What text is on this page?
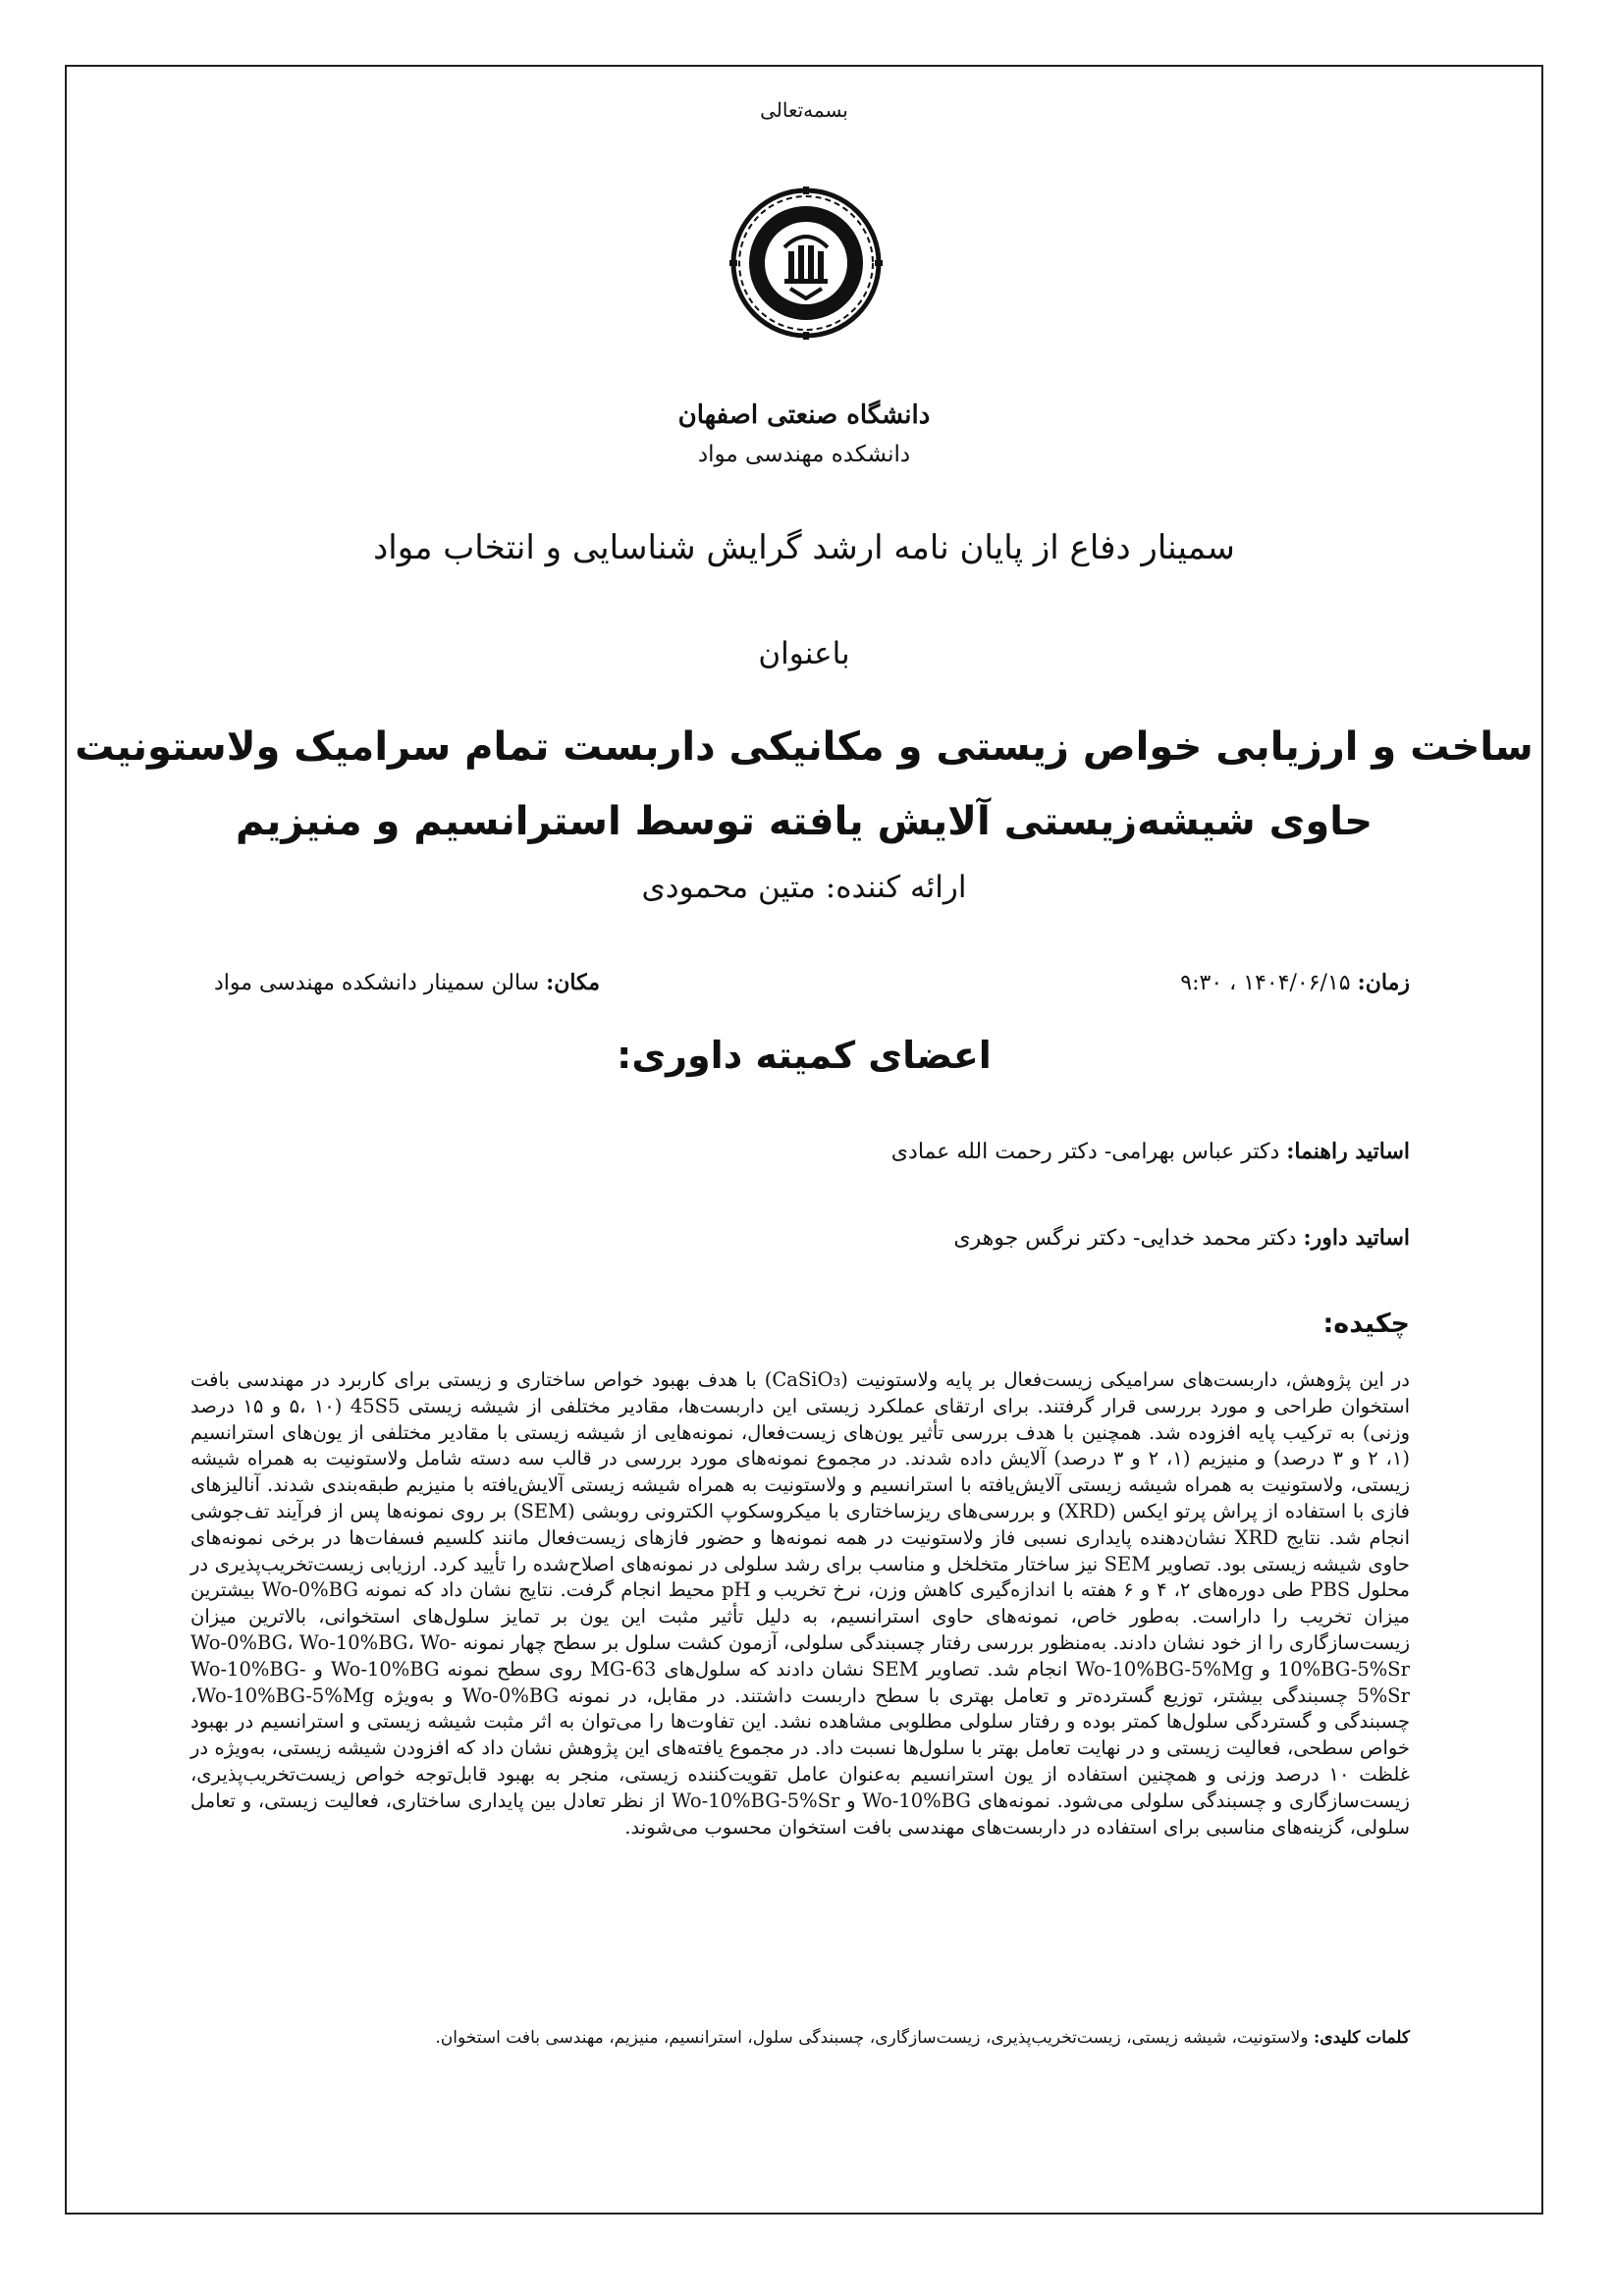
بسمه‌تعالی
دانشگاه صنعتی اصفهان
دانشکده مهندسی مواد
سمینار دفاع از پایان نامه ارشد گرایش شناسایی و انتخاب مواد
باعنوان
ساخت و ارزیابی خواص زیستی و مکانیکی داربست تمام سرامیک ولاستونیت
حاوی شیشه‌زیستی آلایش یافته توسط استرانسیم و منیزیم
ارائه کننده: متین محمودی
زمان: ۱۴۰۴/۰۶/۱۵ ، ۹:۳۰
مکان: سالن سمینار دانشکده مهندسی مواد
اعضای کمیته داوری:
اساتید راهنما: دکتر عباس بهرامی- دکتر رحمت الله عمادی
اساتید داور: دکتر محمد خدایی- دکتر نرگس جوهری
چکیده:
در این پژوهش، داربست‌های سرامیکی زیست‌فعال بر پایه ولاستونیت (CaSiO₃) با هدف بهبود خواص ساختاری و زیستی برای کاربرد در مهندسی بافت استخوان طراحی و مورد بررسی قرار گرفتند. برای ارتقای عملکرد زیستی این داربست‌ها، مقادیر مختلفی از شیشه زیستی 45S5 (۵، ۱۰ و ۱۵ درصد وزنی) به ترکیب پایه افزوده شد. همچنین با هدف بررسی تأثیر یون‌های زیست‌فعال، نمونه‌هایی از شیشه زیستی با مقادیر مختلفی از یون‌های استرانسیم (۱، ۲ و ۳ درصد) و منیزیم (۱، ۲ و ۳ درصد) آلایش داده شدند. در مجموع نمونه‌های مورد بررسی در قالب سه دسته شامل ولاستونیت به همراه شیشه زیستی، ولاستونیت به همراه شیشه زیستی آلایش‌یافته با استرانسیم و ولاستونیت به همراه شیشه زیستی آلایش‌یافته با منیزیم طبقه‌بندی شدند. آنالیزهای فازی با استفاده از پراش پرتو ایکس (XRD) و بررسی‌های ریزساختاری با میکروسکوپ الکترونی روبشی (SEM) بر روی نمونه‌ها پس از فرآیند تف‌جوشی انجام شد. نتایج XRD نشان‌دهنده پایداری نسبی فاز ولاستونیت در همه نمونه‌ها و حضور فازهای زیست‌فعال مانند کلسیم فسفات‌ها در برخی نمونه‌های حاوی شیشه زیستی بود. تصاویر SEM نیز ساختار متخلخل و مناسب برای رشد سلولی در نمونه‌های اصلاح‌شده را تأیید کرد. ارزیابی زیست‌تخریب‌پذیری در محلول PBS طی دوره‌های ۲، ۴ و ۶ هفته با اندازه‌گیری کاهش وزن، نرخ تخریب و pH محیط انجام گرفت. نتایج نشان داد که نمونه Wo-0%BG بیشترین میزان تخریب را داراست. به‌طور خاص، نمونه‌های حاوی استرانسیم، به دلیل تأثیر مثبت این یون بر تمایز سلول‌های استخوانی، بالاترین میزان زیست‌سازگاری را از خود نشان دادند. به‌منظور بررسی رفتار چسبندگی سلولی، آزمون کشت سلول بر سطح چهار نمونه Wo-0%BG، Wo-10%BG، Wo-10%BG-5%Sr و Wo-10%BG-5%Mg انجام شد. تصاویر SEM نشان دادند که سلول‌های MG-63 روی سطح نمونه Wo-10%BG و Wo-10%BG-5%Sr چسبندگی بیشتر، توزیع گسترده‌تر و تعامل بهتری با سطح داربست داشتند. در مقابل، در نمونه Wo-0%BG و به‌ویژه Wo-10%BG-5%Mg، چسبندگی و گستردگی سلول‌ها کمتر بوده و رفتار سلولی مطلوبی مشاهده نشد. این تفاوت‌ها را می‌توان به اثر مثبت شیشه زیستی و استرانسیم در بهبود خواص سطحی، فعالیت زیستی و در نهایت تعامل بهتر با سلول‌ها نسبت داد. در مجموع یافته‌های این پژوهش نشان داد که افزودن شیشه زیستی، به‌ویژه در غلظت ۱۰ درصد وزنی و همچنین استفاده از یون استرانسیم به‌عنوان عامل تقویت‌کننده زیستی، منجر به بهبود قابل‌توجه خواص زیست‌تخریب‌پذیری، زیست‌سازگاری و چسبندگی سلولی می‌شود. نمونه‌های Wo-10%BG و Wo-10%BG-5%Sr از نظر تعادل بین پایداری ساختاری، فعالیت زیستی، و تعامل سلولی، گزینه‌های مناسبی برای استفاده در داربست‌های مهندسی بافت استخوان محسوب می‌شوند.
کلمات کلیدی: ولاستونیت، شیشه زیستی، زیست‌تخریب‌پذیری، زیست‌سازگاری، چسبندگی سلول، استرانسیم، منیزیم، مهندسی بافت استخوان.
